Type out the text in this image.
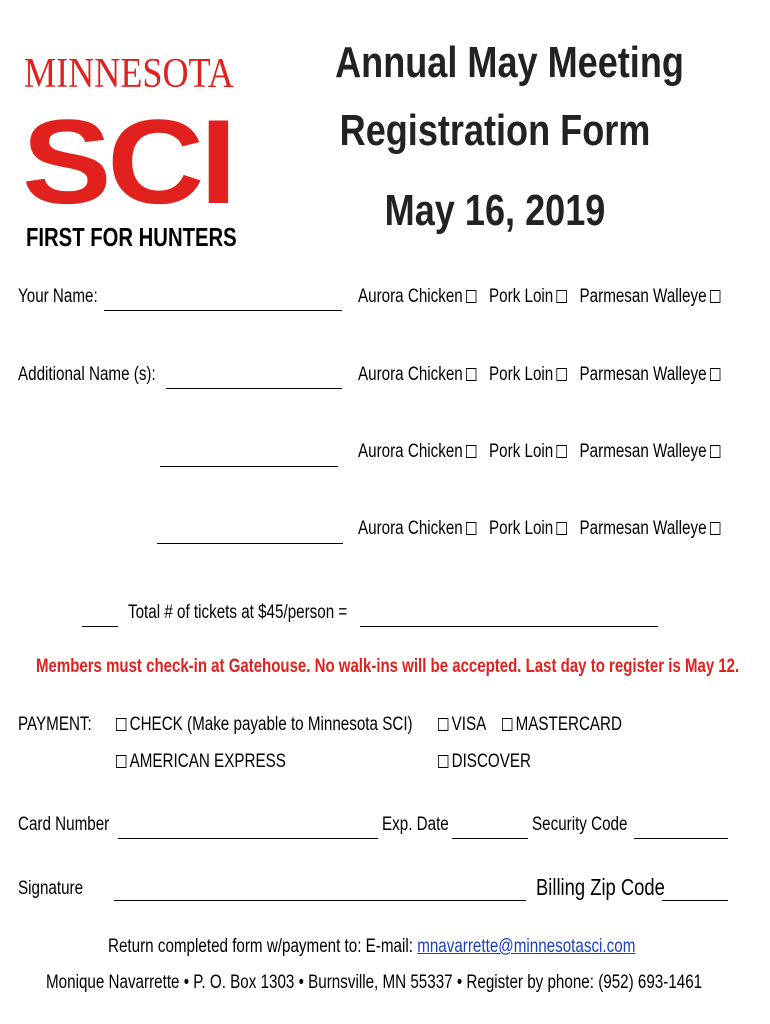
MINNESOTA
SCI
FIRST FOR HUNTERS
Annual May Meeting
Registration Form
May 16, 2019
Your Name:	Aurora Chicken Pork Loin Parmesan Walleye
Additional Name (s):	Aurora Chicken Pork Loin Parmesan Walleye
Aurora Chicken Pork Loin Parmesan Walleye
Aurora Chicken Pork Loin Parmesan Walleye
Total # of tickets at $45/person =
Members must check-in at Gatehouse. No walk-ins will be accepted. Last day to register is May 12.
PAYMENT:	CHECK (Make payable to Minnesota SCI)	VISA	MASTERCARD
AMERICAN EXPRESS	DISCOVER
Card Number	Exp. Date	Security Code
Signature	Billing Zip Code
Return completed form w/payment to: E-mail: mnavarrette@minnesotasci.com
Monique Navarrette • P. O. Box 1303 • Burnsville, MN 55337 • Register by phone: (952) 693-1461
